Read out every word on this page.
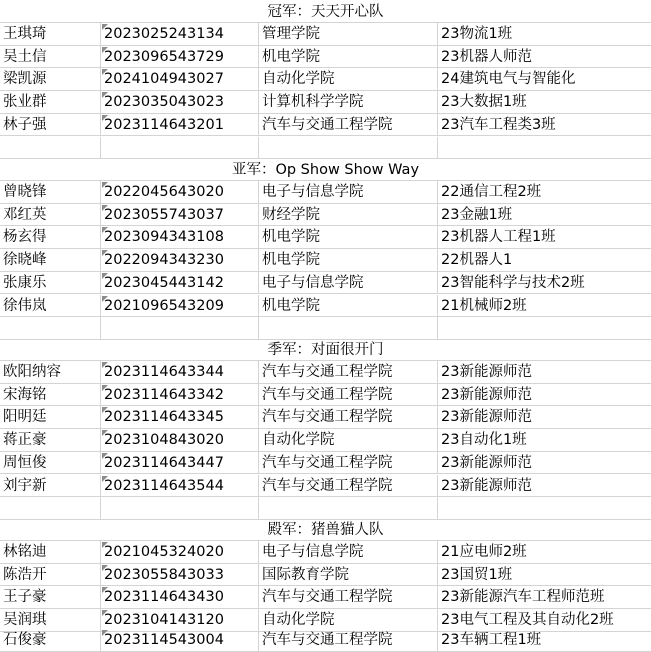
冠军：天天开心队
王琪琦	2023025243134	管理学院	23物流1班
吴土信	2023096543729	机电学院	23机器人师范
梁凯源	2024104943027	自动化学院	24建筑电气与智能化
张业群	2023035043023	计算机科学学院	23大数据1班
林子强	2023114643201	汽车与交通工程学院	23汽车工程类3班
亚军：Op Show Show Way
曾晓锋	2022045643020	电子与信息学院	22通信工程2班
邓红英	2023055743037	财经学院	23金融1班
杨玄得	2023094343108	机电学院	23机器人工程1班
徐晓峰	2022094343230	机电学院	22机器人1
张康乐	2023045443142	电子与信息学院	23智能科学与技术2班
徐伟岚	2021096543209	机电学院	21机械师2班
季军：对面很开门
欧阳纳容	2023114643344	汽车与交通工程学院	23新能源师范
宋海铭	2023114643342	汽车与交通工程学院	23新能源师范
阳明廷	2023114643345	汽车与交通工程学院	23新能源师范
蒋正豪	2023104843020	自动化学院	23自动化1班
周恒俊	2023114643447	汽车与交通工程学院	23新能源师范
刘宇新	2023114643544	汽车与交通工程学院	23新能源师范
殿军：猪兽猫人队
林铭迪	2021045324020	电子与信息学院	21应电师2班
陈浩开	2023055843033	国际教育学院	23国贸1班
王子豪	2023114643430	汽车与交通工程学院	23新能源汽车工程师范班
吴润琪	2023104143120	自动化学院	23电气工程及其自动化2班
石俊豪	2023114543004	汽车与交通工程学院	23车辆工程1班
